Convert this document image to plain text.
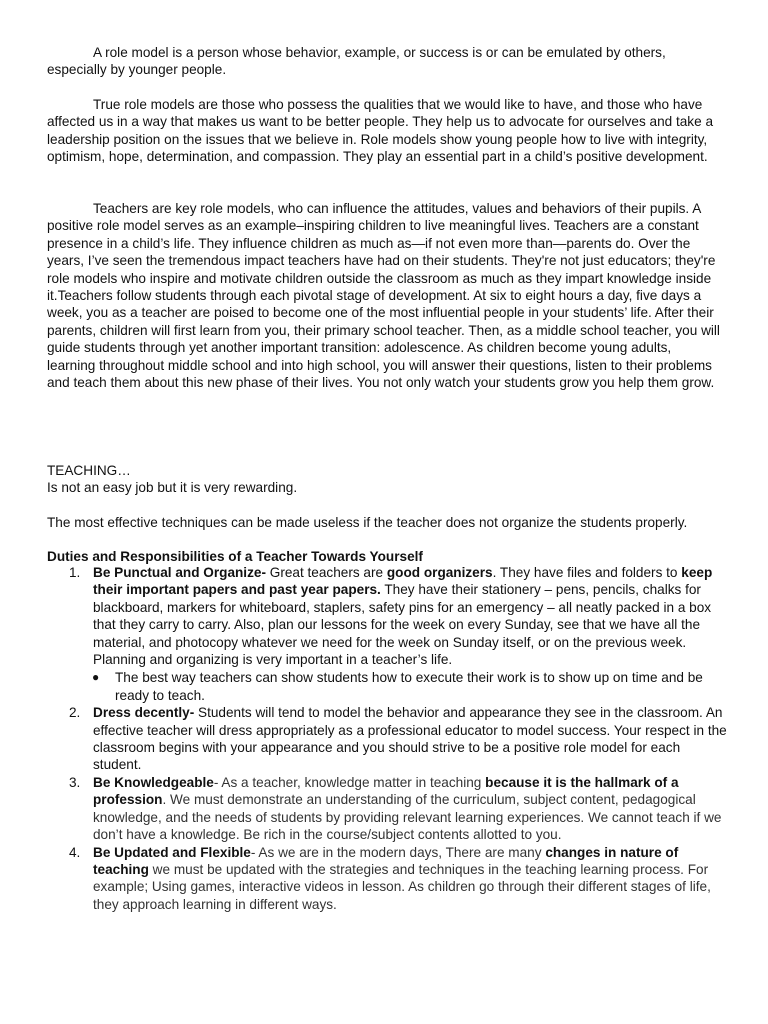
A role model is a person whose behavior, example, or success is or can be emulated by others, especially by younger people.

True role models are those who possess the qualities that we would like to have, and those who have affected us in a way that makes us want to be better people. They help us to advocate for ourselves and take a leadership position on the issues that we believe in. Role models show young people how to live with integrity, optimism, hope, determination, and compassion. They play an essential part in a child’s positive development.

Teachers are key role models, who can influence the attitudes, values and behaviors of their pupils. A positive role model serves as an example–inspiring children to live meaningful lives. Teachers are a constant presence in a child’s life. They influence children as much as—if not even more than—parents do. Over the years, I’ve seen the tremendous impact teachers have had on their students. They're not just educators; they're role models who inspire and motivate children outside the classroom as much as they impart knowledge inside it.Teachers follow students through each pivotal stage of development. At six to eight hours a day, five days a week, you as a teacher are poised to become one of the most influential people in your students’ life. After their parents, children will first learn from you, their primary school teacher. Then, as a middle school teacher, you will guide students through yet another important transition: adolescence. As children become young adults, learning throughout middle school and into high school, you will answer their questions, listen to their problems and teach them about this new phase of their lives. You not only watch your students grow you help them grow.

TEACHING…

Is not an easy job but it is very rewarding.

The most effective techniques can be made useless if the teacher does not organize the students properly.

Duties and Responsibilities of a Teacher Towards Yourself

1. Be Punctual and Organize- Great teachers are good organizers. They have files and folders to keep their important papers and past year papers. They have their stationery – pens, pencils, chalks for blackboard, markers for whiteboard, staplers, safety pins for an emergency – all neatly packed in a box that they carry to carry. Also, plan our lessons for the week on every Sunday, see that we have all the material, and photocopy whatever we need for the week on Sunday itself, or on the previous week. Planning and organizing is very important in a teacher’s life.
● The best way teachers can show students how to execute their work is to show up on time and be ready to teach.
2. Dress decently- Students will tend to model the behavior and appearance they see in the classroom. An effective teacher will dress appropriately as a professional educator to model success. Your respect in the classroom begins with your appearance and you should strive to be a positive role model for each student.
3. Be Knowledgeable- As a teacher, knowledge matter in teaching because it is the hallmark of a profession. We must demonstrate an understanding of the curriculum, subject content, pedagogical knowledge, and the needs of students by providing relevant learning experiences. We cannot teach if we don’t have a knowledge. Be rich in the course/subject contents allotted to you.
4. Be Updated and Flexible- As we are in the modern days, There are many changes in nature of teaching we must be updated with the strategies and techniques in the teaching learning process. For example; Using games, interactive videos in lesson. As children go through their different stages of life, they approach learning in different ways.
